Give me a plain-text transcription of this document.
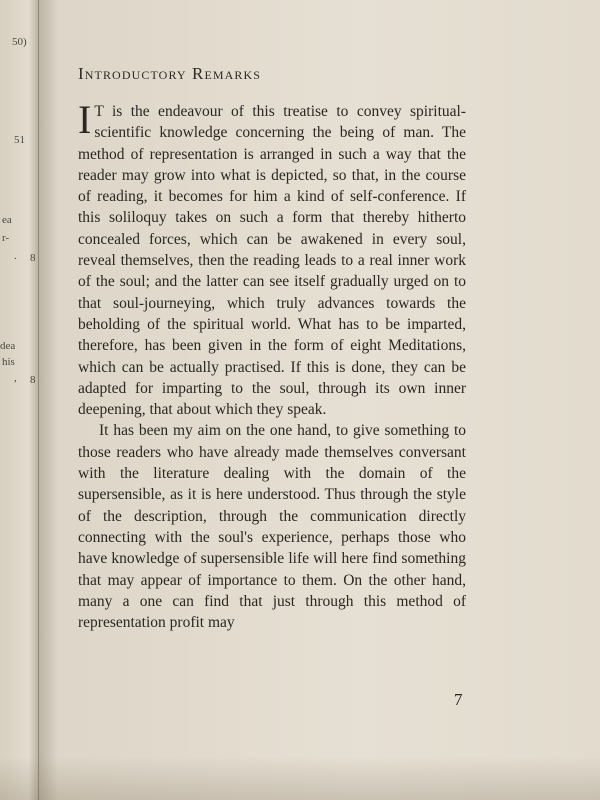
50)
51
ea
r-
. 8
dea
his
, 8
Introductory Remarks

I T is the endeavour of this treatise to convey spiritual-scientific knowledge concerning the being of man. The method of representation is arranged in such a way that the reader may grow into what is depicted, so that, in the course of reading, it becomes for him a kind of self-conference. If this soliloquy takes on such a form that thereby hitherto concealed forces, which can be awakened in every soul, reveal themselves, then the reading leads to a real inner work of the soul; and the latter can see itself gradually urged on to that soul-journeying, which truly advances towards the beholding of the spiritual world. What has to be imparted, therefore, has been given in the form of eight Meditations, which can be actually practised. If this is done, they can be adapted for imparting to the soul, through its own inner deepening, that about which they speak.

It has been my aim on the one hand, to give something to those readers who have already made themselves conversant with the literature dealing with the domain of the supersensible, as it is here understood. Thus through the style of the description, through the communication directly connecting with the soul's experience, perhaps those who have knowledge of supersensible life will here find something that may appear of importance to them. On the other hand, many a one can find that just through this method of representation profit may

7
